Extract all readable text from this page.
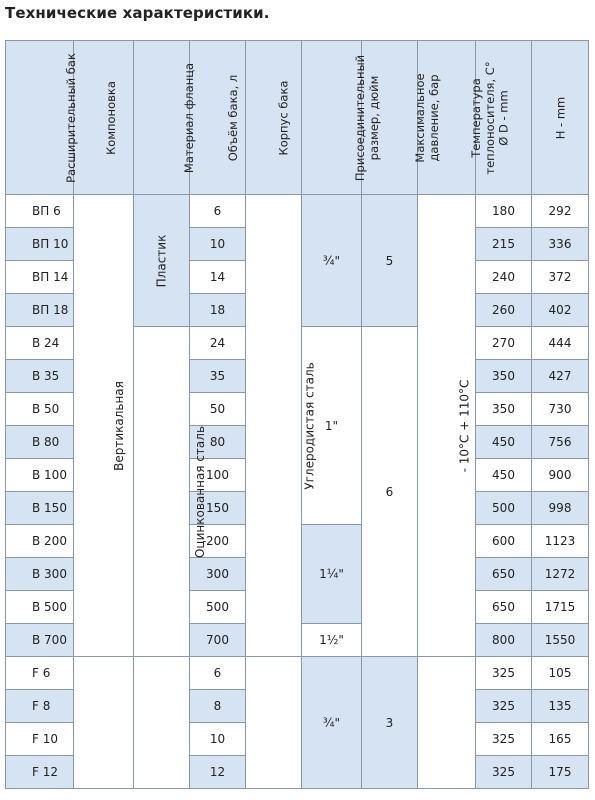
Технические характеристики.
Расширительный бак	Компоновка	Материал фланца	Объём бака, л	Корпус бака	Присоединительный размер, дюйм	Максимальное давление, бар	Температура теплоносителя, С°	Ø D - mm	H - mm
ВП 6	Вертикальная	Пластик	6	Углеродистая сталь	¾"	5	- 10°C + 110°C	180	292
ВП 10			10					215	336
ВП 14			14					240	372
ВП 18			18					260	402
В 24		Оцинкованная сталь	24		1"	6		270	444
В 35			35					350	427
В 50			50					350	730
В 80			80					450	756
В 100			100					450	900
В 150			150					500	998
В 200			200		1¼"			600	1123
В 300			300					650	1272
В 500			500					650	1715
В 700			700		1½"			800	1550
F 6			6		¾"	3		325	105
F 8			8					325	135
F 10			10					325	165
F 12			12					325	175
